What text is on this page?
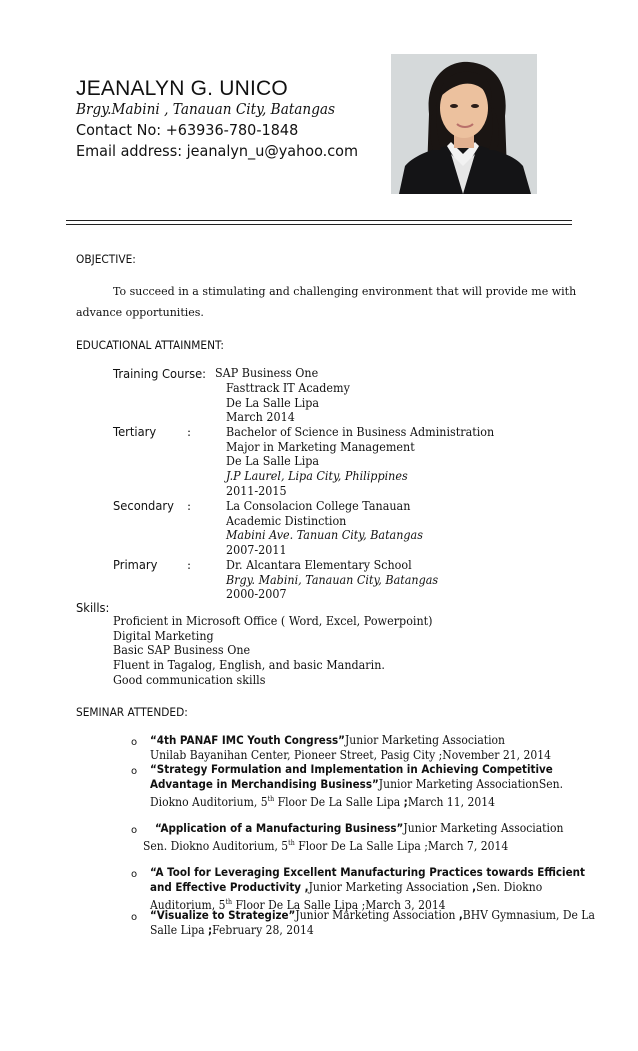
JEANALYN G. UNICO

Brgy.Mabini , Tanauan City, Batangas

Contact No: +63936-780-1848

Email address: jeanalyn_u@yahoo.com

OBJECTIVE:
To succeed in a stimulating and challenging environment that will provide me with
advance opportunities.
EDUCATIONAL ATTAINMENT:
Training Course: SAP Business One
Fasttrack IT Academy
De La Salle Lipa
March 2014
Tertiary	:	Bachelor of Science in Business Administration
Major in Marketing Management
De La Salle Lipa
J.P Laurel, Lipa City, Philippines
2011-2015
Secondary :	La Consolacion College Tanauan
Academic Distinction
Mabini Ave. Tanuan City, Batangas
2007-2011
Primary :	Dr. Alcantara Elementary School
Brgy. Mabini, Tanauan City, Batangas
2000-2007
Skills:
Proficient in Microsoft Office ( Word, Excel, Powerpoint)
Digital Marketing
Basic SAP Business One
Fluent in Tagalog, English, and basic Mandarin.
Good communication skills
SEMINAR ATTENDED:
o “4th PANAF IMC Youth Congress”Junior Marketing Association
Unilab Bayanihan Center, Pioneer Street, Pasig City ;November 21, 2014
o “Strategy Formulation and Implementation in Achieving Competitive
Advantage in Merchandising Business”Junior Marketing AssociationSen.
Diokno Auditorium, 5th Floor De La Salle Lipa ;March 11, 2014
o “Application of a Manufacturing Business”Junior Marketing Association
Sen. Diokno Auditorium, 5th Floor De La Salle Lipa ;March 7, 2014
o “A Tool for Leveraging Excellent Manufacturing Practices towards Efficient
and Effective Productivity ,Junior Marketing Association ,Sen. Diokno
Auditorium, 5th Floor De La Salle Lipa ;March 3, 2014
o “Visualize to Strategize”Junior Marketing Association ,BHV Gymnasium, De La
Salle Lipa ;February 28, 2014
